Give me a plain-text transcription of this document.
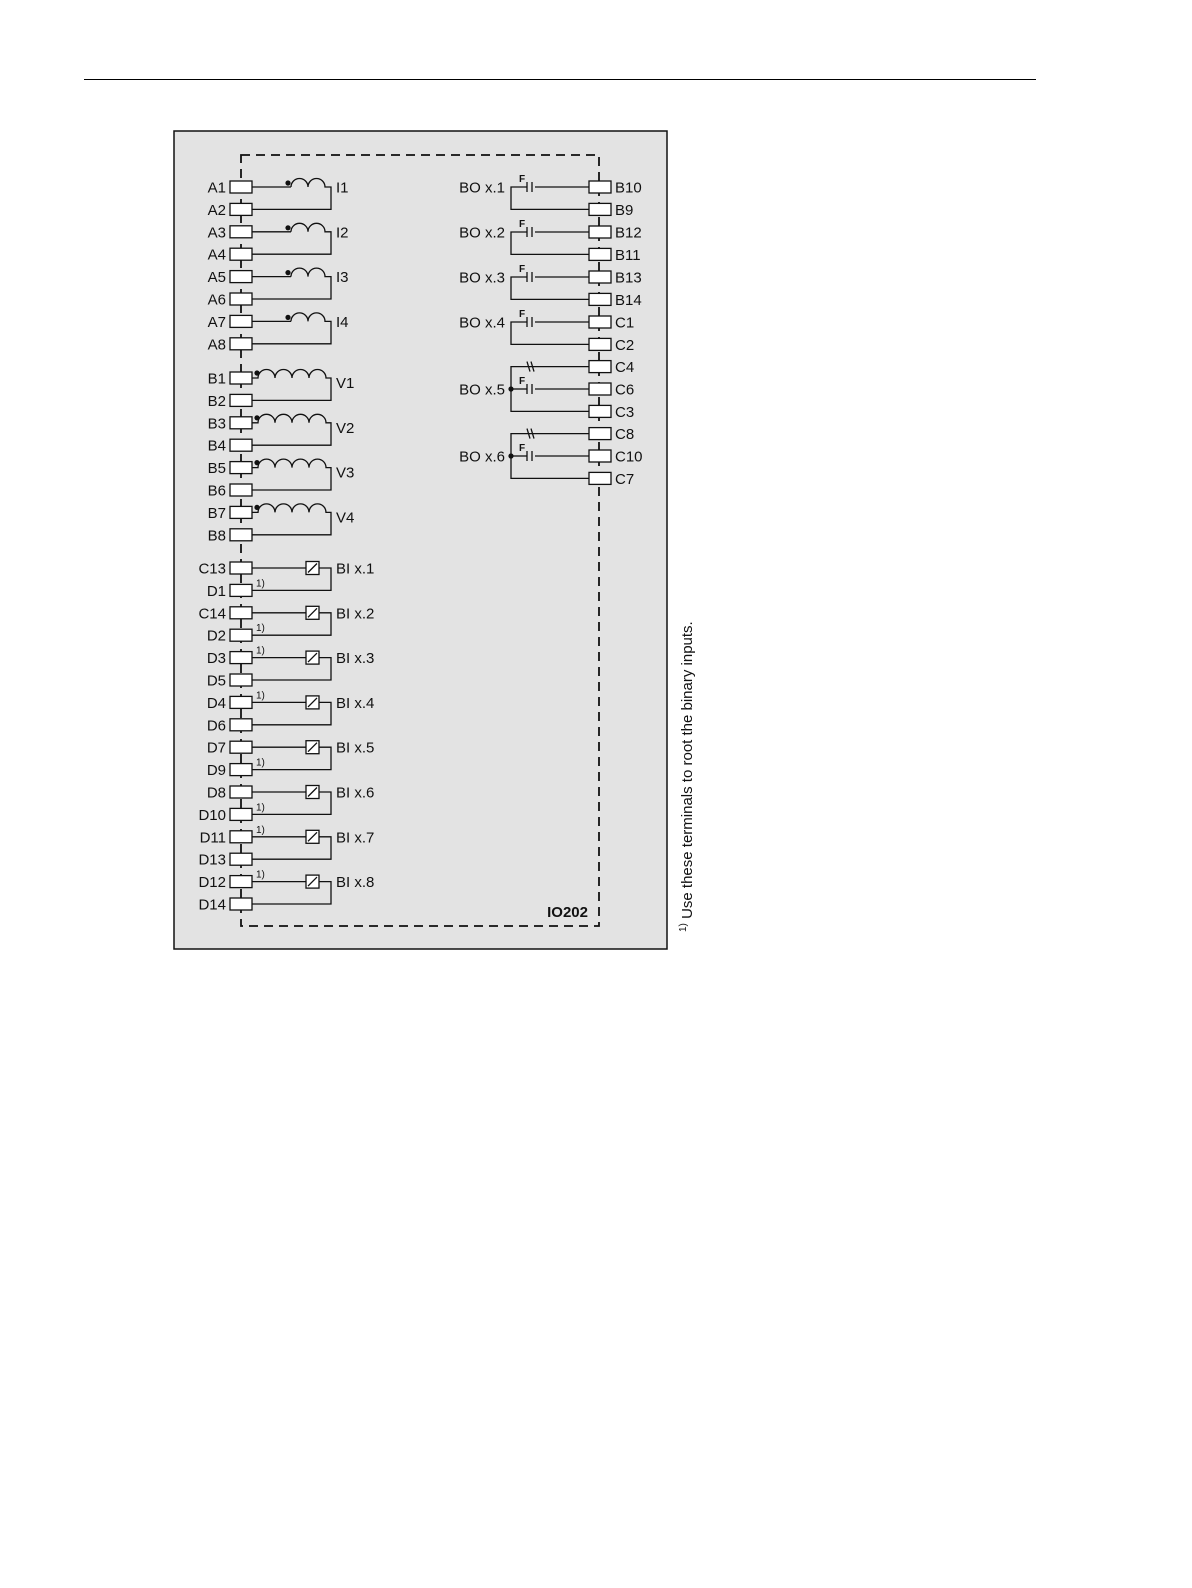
A1
A2
I1
A3
A4
I2
A5
A6
I3
A7
A8
I4
B1
B2
V1
B3
B4
V2
B5
B6
V3
B7
B8
V4
C13
D1
BI x.1
1)
C14
D2
BI x.2
1)
D3
D5
BI x.3
1)
D4
D6
BI x.4
1)
D7
D9
BI x.5
1)
D8
D10
BI x.6
1)
D11
D13
BI x.7
1)
D12
D14
BI x.8
1)
F	B10
B9
BO x.1
F	B12
B11
BO x.2
F	B13
B14
BO x.3
F	C1
C2
BO x.4
F
C4
C6
C3
BO x.5
F
C8
C10
C7
BO x.6
IO202
$^{1)}$ Use these terminals to root the binary inputs.
